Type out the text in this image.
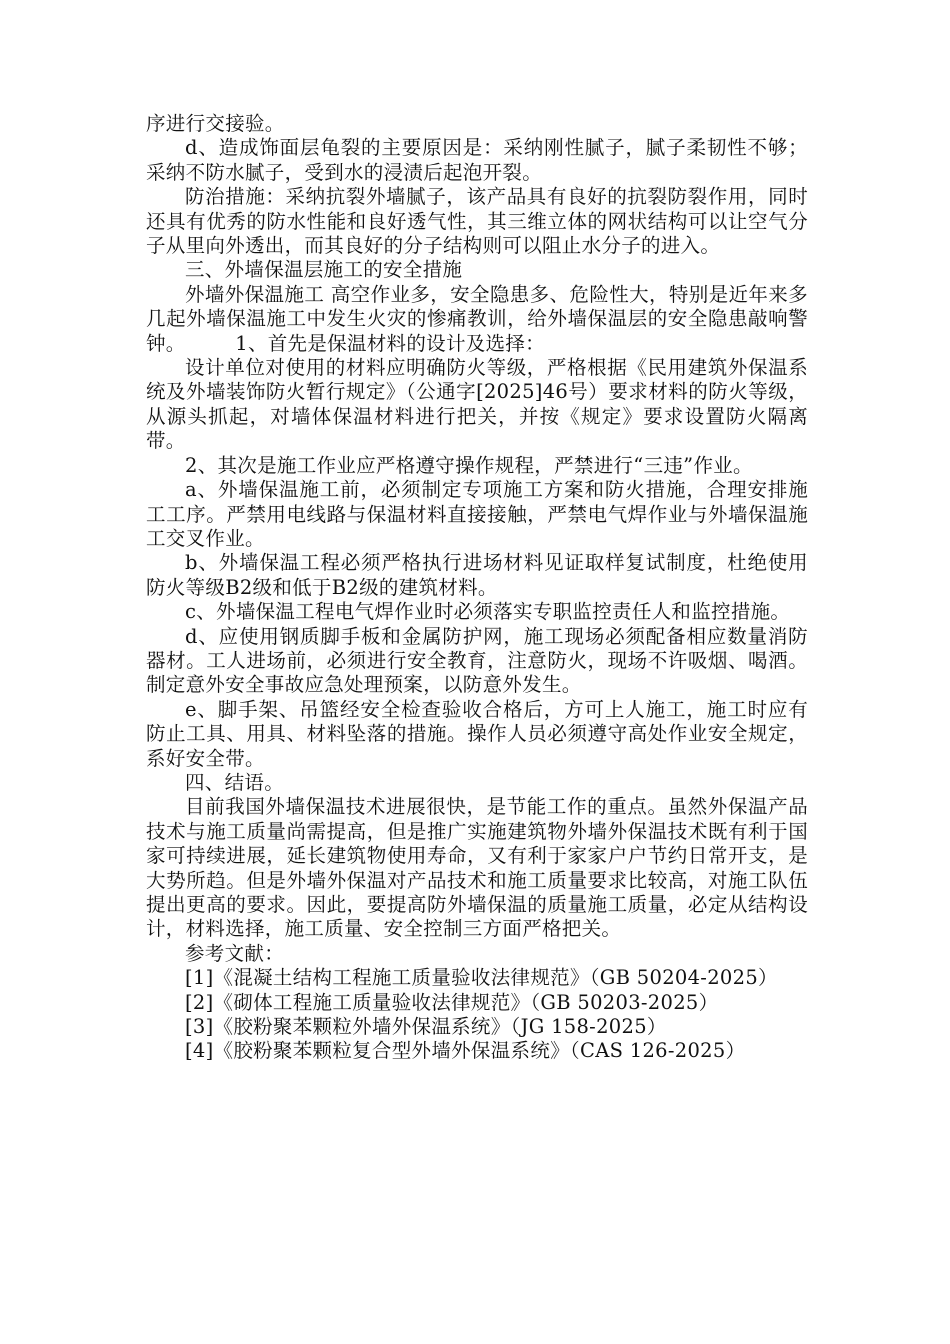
序进行交接验。

d、造成饰面层龟裂的主要原因是：采纳刚性腻子，腻子柔韧性不够；采纳不防水腻子，受到水的浸渍后起泡开裂。

防治措施：采纳抗裂外墙腻子，该产品具有良好的抗裂防裂作用，同时还具有优秀的防水性能和良好透气性，其三维立体的网状结构可以让空气分子从里向外透出，而其良好的分子结构则可以阻止水分子的进入。

三、外墙保温层施工的安全措施

外墙外保温施工 高空作业多，安全隐患多、危险性大，特别是近年来多几起外墙保温施工中发生火灾的惨痛教训，给外墙保温层的安全隐患敲响警钟。　　　1、首先是保温材料的设计及选择：

设计单位对使用的材料应明确防火等级，严格根据《民用建筑外保温系统及外墙装饰防火暂行规定》（公通字[2025]46号）要求材料的防火等级，从源头抓起，对墙体保温材料进行把关，并按《规定》要求设置防火隔离带。

2、其次是施工作业应严格遵守操作规程，严禁进行“三违”作业。

a、外墙保温施工前，必须制定专项施工方案和防火措施，合理安排施工工序。严禁用电线路与保温材料直接接触，严禁电气焊作业与外墙保温施工交叉作业。

b、外墙保温工程必须严格执行进场材料见证取样复试制度，杜绝使用防火等级B2级和低于B2级的建筑材料。

c、外墙保温工程电气焊作业时必须落实专职监控责任人和监控措施。

d、应使用钢质脚手板和金属防护网，施工现场必须配备相应数量消防器材。工人进场前，必须进行安全教育，注意防火，现场不许吸烟、喝酒。制定意外安全事故应急处理预案，以防意外发生。

e、脚手架、吊篮经安全检查验收合格后，方可上人施工，施工时应有防止工具、用具、材料坠落的措施。操作人员必须遵守高处作业安全规定，系好安全带。

四、结语。

目前我国外墙保温技术进展很快，是节能工作的重点。虽然外保温产品技术与施工质量尚需提高，但是推广实施建筑物外墙外保温技术既有利于国家可持续进展，延长建筑物使用寿命，又有利于家家户户节约日常开支，是大势所趋。但是外墙外保温对产品技术和施工质量要求比较高，对施工队伍提出更高的要求。因此，要提高防外墙保温的质量施工质量，必定从结构设计，材料选择，施工质量、安全控制三方面严格把关。

参考文献：

[1]《混凝土结构工程施工质量验收法律规范》（GB 50204-2025）

[2]《砌体工程施工质量验收法律规范》（GB 50203-2025）

[3]《胶粉聚苯颗粒外墙外保温系统》（JG 158-2025）

[4]《胶粉聚苯颗粒复合型外墙外保温系统》（CAS 126-2025）
